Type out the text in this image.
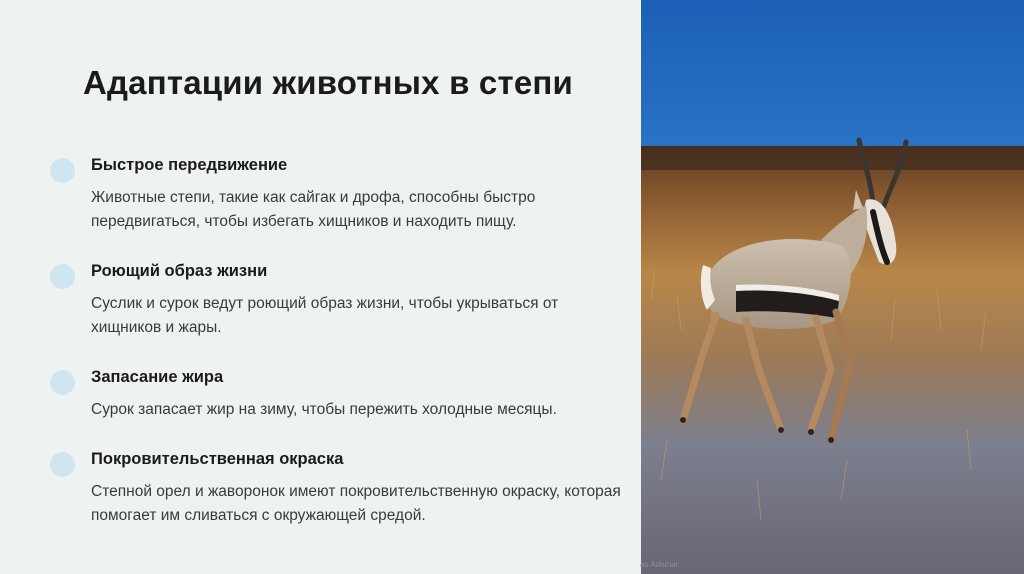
Адаптации животных в степи
Быстрое передвижение
Животные степи, такие как сайгак и дрофа, способны быстро передвигаться, чтобы избегать хищников и находить пищу.
Роющий образ жизни
Суслик и сурок ведут роющий образ жизни, чтобы укрываться от хищников и жары.
Запасание жира
Сурок запасает жир на зиму, чтобы пережить холодные месяцы.
Покровительственная окраска
Степной орел и жаворонок имеют покровительственную окраску, которая помогает им сливаться с окружающей средой.
as Ademar
